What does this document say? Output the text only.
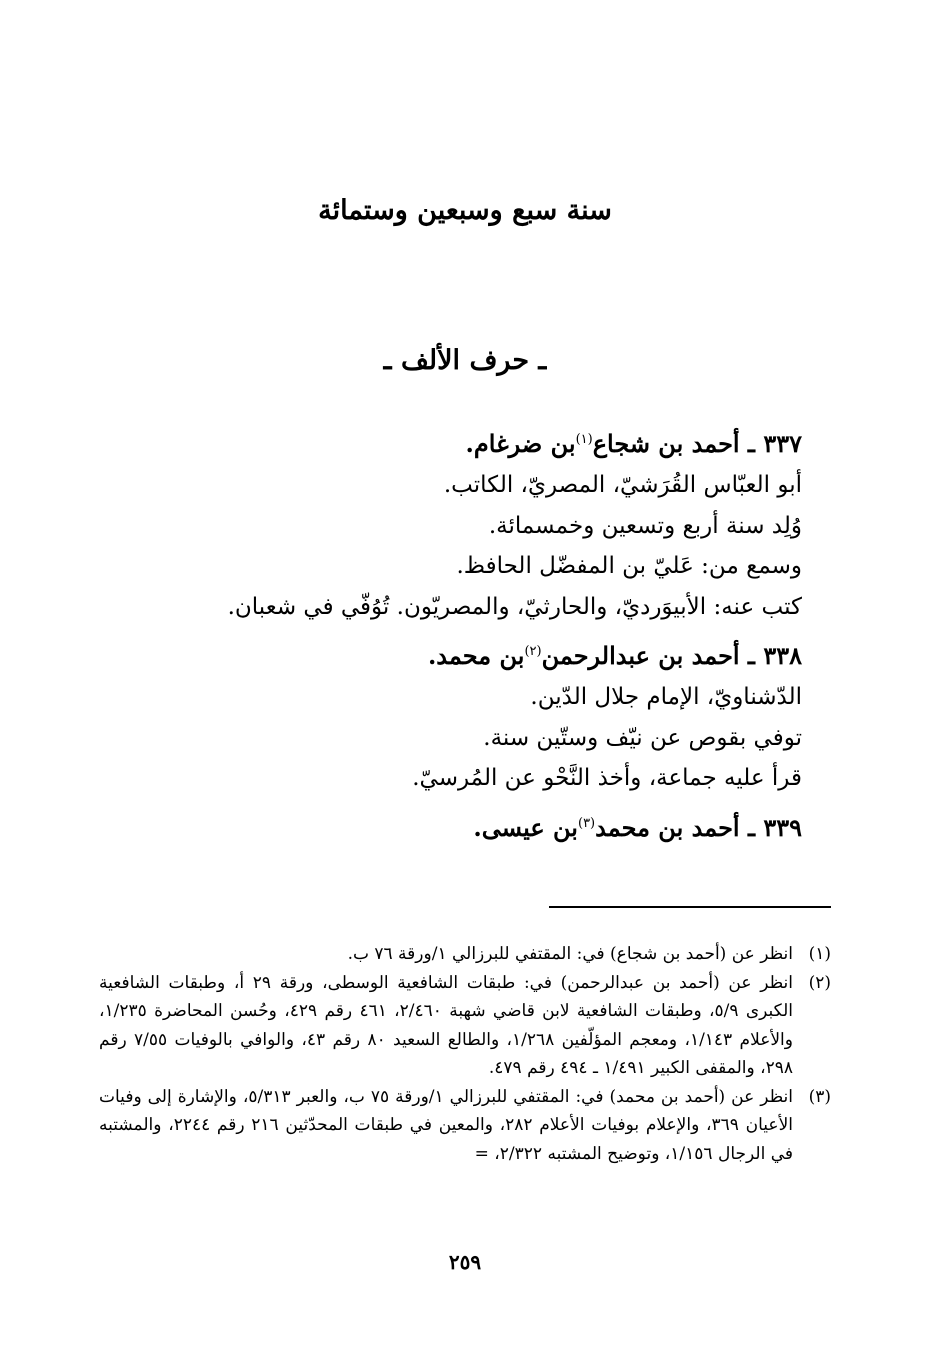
سنة سبع وسبعين وستمائة
ـ حرف الألف ـ
٣٣٧ ـ أحمد بن شجاع$^{(١)}$بن ضرغام.
أبو العبّاس القُرَشيّ، المصريّ، الكاتب.
وُلِد سنة أربع وتسعين وخمسمائة.
وسمع من: عَليّ بن المفضّل الحافظ.
كتب عنه: الأبيوَرديّ، والحارثيّ، والمصريّون. تُوُفّي في شعبان.
٣٣٨ ـ أحمد بن عبدالرحمن$^{(٢)}$بن محمد.
الدّشناويّ، الإمام جلال الدّين.
توفي بقوص عن نيّف وستّين سنة.
قرأ عليه جماعة، وأخذ النَّحْو عن المُرسيّ.
٣٣٩ ـ أحمد بن محمد$^{(٣)}$بن عيسى.
(١)
انظر عن (أحمد بن شجاع) في: المقتفي للبرزالي ١/ورقة ٧٦ ب.
(٢)
انظر عن (أحمد بن عبدالرحمن) في: طبقات الشافعية الوسطى، ورقة ٢٩ أ، وطبقات الشافعية الكبرى ٥/٩، وطبقات الشافعية لابن قاضي شهبة ٢/٤٦٠، ٤٦١ رقم ٤٢٩، وحُسن المحاضرة ١/٢٣٥، والأعلام ١/١٤٣، ومعجم المؤلّفين ١/٢٦٨، والطالع السعيد ٨٠ رقم ٤٣، والوافي بالوفيات ٧/٥٥ رقم ٢٩٨، والمقفى الكبير ١/٤٩١ ـ ٤٩٤ رقم ٤٧٩.
(٣)
انظر عن (أحمد بن محمد) في: المقتفي للبرزالي ١/ورقة ٧٥ ب، والعبر ٥/٣١٣، والإشارة إلى وفيات الأعيان ٣٦٩، والإعلام بوفيات الأعلام ٢٨٢، والمعين في طبقات المحدّثين ٢١٦ رقم ٢٢٤٤، والمشتبه في الرجال ١/١٥٦، وتوضيح المشتبه ٢/٣٢٢، =
٢٥٩
